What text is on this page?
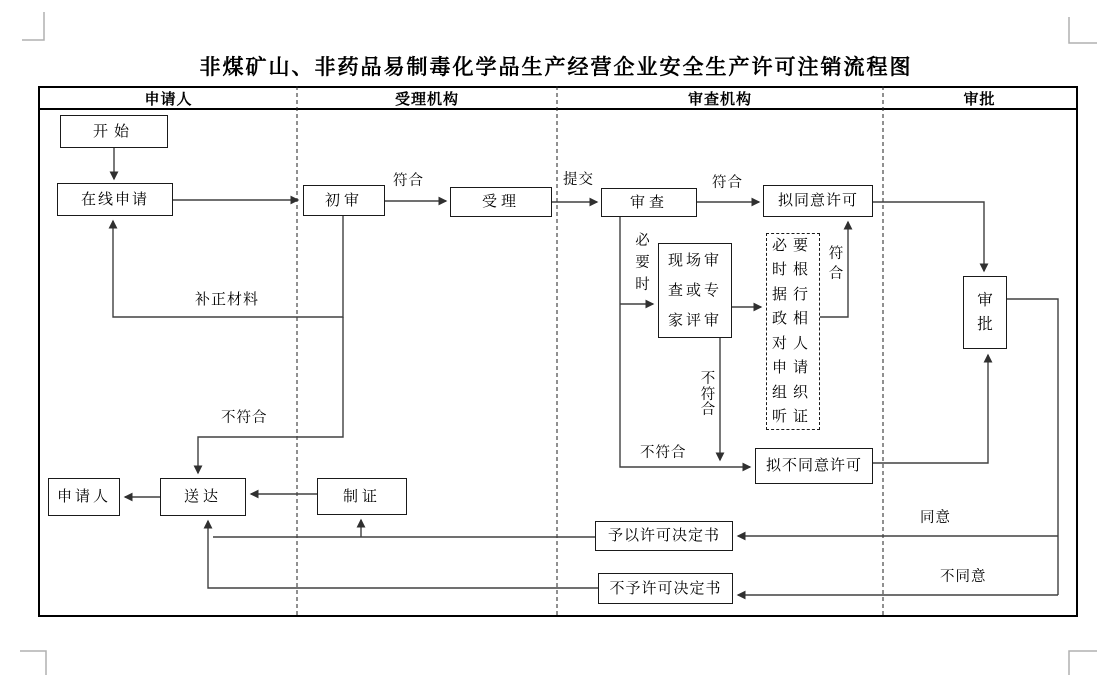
非煤矿山、非药品易制毒化学品生产经营企业安全生产许可注销流程图
申请人	受理机构	审查机构	审批
开始
在线申请	初审	受理	审查	拟同意许可
现场审查或专家评审
必要时根据行政相对人申请组织听证
审批
拟不同意许可
申请人	送达	制证
予以许可决定书
不予许可决定书
符合	提交	符合
补正材料
不符合
必要时
不符合
不符合
符合
同意
不同意
